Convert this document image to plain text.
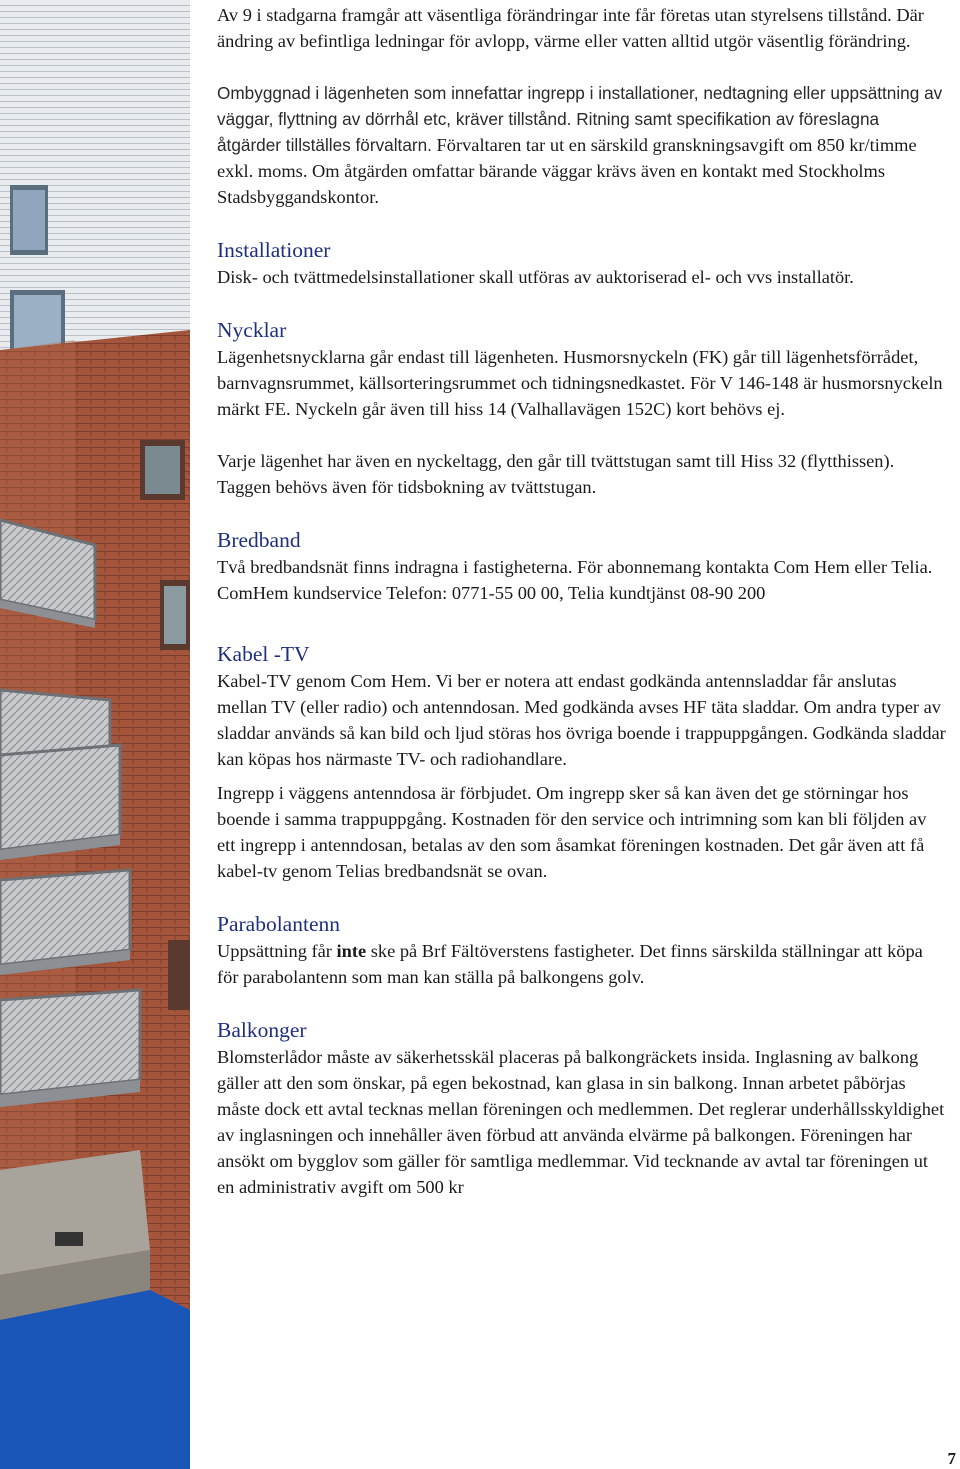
Av 9 i stadgarna framgår att väsentliga förändringar inte får företas utan styrelsens tillstånd. Där ändring av befintliga ledningar för avlopp, värme eller vatten alltid utgör väsentlig förändring.

Ombyggnad i lägenheten som innefattar ingrepp i installationer, nedtagning eller uppsättning av väggar, flyttning av dörrhål etc, kräver tillstånd. Ritning samt specifikation av föreslagna åtgärder tillställes förvaltarn. Förvaltaren tar ut en särskild granskningsavgift om 850 kr/timme exkl. moms. Om åtgärden omfattar bärande väggar krävs även en kontakt med Stockholms Stadsbyggandskontor.

Installationer

Disk- och tvättmedelsinstallationer skall utföras av auktoriserad el- och vvs installatör.

Nycklar

Lägenhetsnycklarna går endast till lägenheten. Husmorsnyckeln (FK) går till lägenhetsförrådet, barnvagnsrummet, källsorteringsrummet och tidningsnedkastet. För V 146-148 är husmorsnyckeln märkt FE. Nyckeln går även till hiss 14 (Valhallavägen 152C) kort behövs ej.

Varje lägenhet har även en nyckeltagg, den går till tvättstugan samt till Hiss 32 (flytthissen). Taggen behövs även för tidsbokning av tvättstugan.

Bredband

Två bredbandsnät finns indragna i fastigheterna. För abonnemang kontakta Com Hem eller Telia. ComHem kundservice Telefon: 0771-55 00 00, Telia kundtjänst 08-90 200

Kabel -TV

Kabel-TV genom Com Hem. Vi ber er notera att endast godkända antennsladdar får anslutas mellan TV (eller radio) och antenndosan. Med godkända avses HF täta sladdar. Om andra typer av sladdar används så kan bild och ljud störas hos övriga boende i trappuppgången. Godkända sladdar kan köpas hos närmaste TV- och radiohandlare.

Ingrepp i väggens antenndosa är förbjudet. Om ingrepp sker så kan även det ge störningar hos boende i samma trappuppgång. Kostnaden för den service och intrimning som kan bli följden av ett ingrepp i antenndosan, betalas av den som åsamkat föreningen kostnaden. Det går även att få kabel-tv genom Telias bredbandsnät se ovan.

Parabolantenn

Uppsättning får inte ske på Brf Fältöverstens fastigheter. Det finns särskilda ställningar att köpa för parabolantenn som man kan ställa på balkongens golv.

Balkonger

Blomsterlådor måste av säkerhetsskäl placeras på balkongräckets insida. Inglasning av balkong gäller att den som önskar, på egen bekostnad, kan glasa in sin balkong. Innan arbetet påbörjas måste dock ett avtal tecknas mellan föreningen och medlemmen. Det reglerar underhållsskyldighet av inglasningen och innehåller även förbud att använda elvärme på balkongen. Föreningen har ansökt om bygglov som gäller för samtliga medlemmar. Vid tecknande av avtal tar föreningen ut en administrativ avgift om 500 kr

7
